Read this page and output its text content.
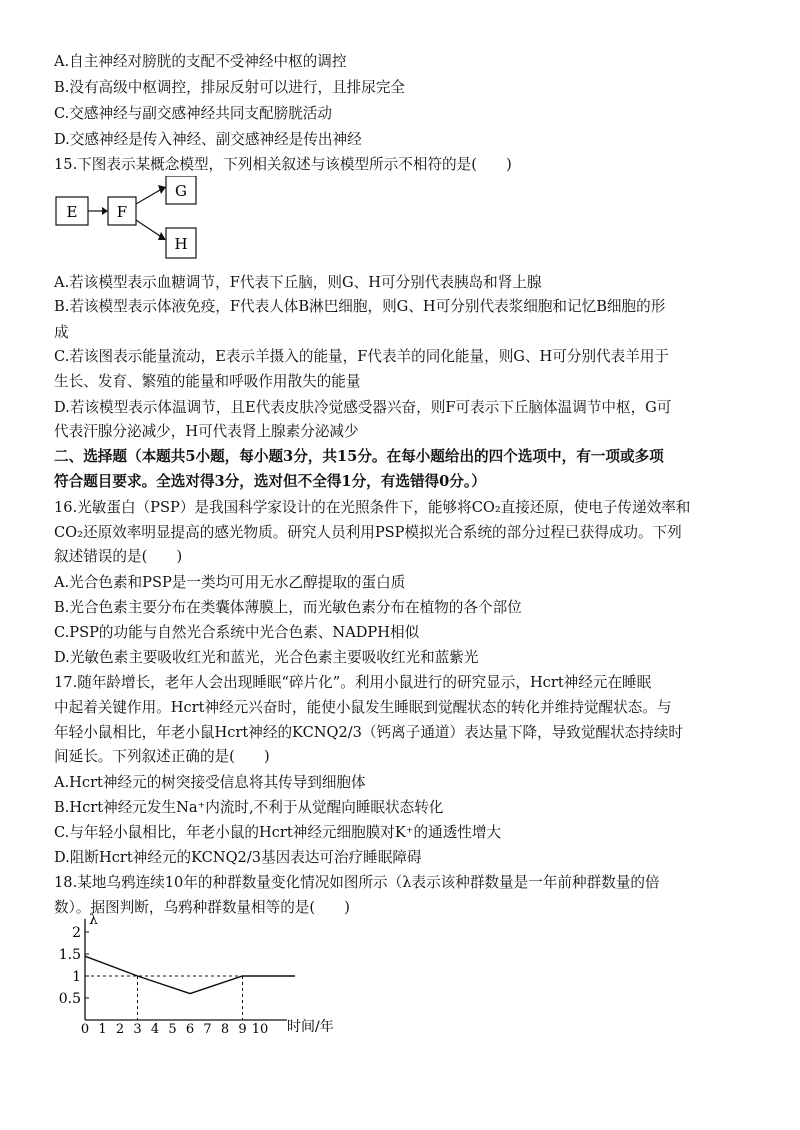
A.自主神经对膀胱的支配不受神经中枢的调控
B.没有高级中枢调控，排尿反射可以进行，且排尿完全
C.交感神经与副交感神经共同支配膀胱活动
D.交感神经是传入神经、副交感神经是传出神经
15.下图表示某概念模型，下列相关叙述与该模型所示不相符的是(　　)
E	F
G
H
A.若该模型表示血糖调节，F代表下丘脑，则G、H可分别代表胰岛和肾上腺
B.若该模型表示体液免疫，F代表人体B淋巴细胞，则G、H可分别代表浆细胞和记忆B细胞的形
成
C.若该图表示能量流动，E表示羊摄入的能量，F代表羊的同化能量，则G、H可分别代表羊用于
生长、发育、繁殖的能量和呼吸作用散失的能量
D.若该模型表示体温调节，且E代表皮肤冷觉感受器兴奋，则F可表示下丘脑体温调节中枢，G可
代表汗腺分泌减少，H可代表肾上腺素分泌减少
二、选择题（本题共5小题，每小题3分，共15分。在每小题给出的四个选项中，有一项或多项
符合题目要求。全选对得3分，选对但不全得1分，有选错得0分。）
16.光敏蛋白（PSP）是我国科学家设计的在光照条件下，能够将CO₂直接还原，使电子传递效率和
CO₂还原效率明显提高的感光物质。研究人员利用PSP模拟光合系统的部分过程已获得成功。下列
叙述错误的是(　　)
A.光合色素和PSP是一类均可用无水乙醇提取的蛋白质
B.光合色素主要分布在类囊体薄膜上，而光敏色素分布在植物的各个部位
C.PSP的功能与自然光合系统中光合色素、NADPH相似
D.光敏色素主要吸收红光和蓝光，光合色素主要吸收红光和蓝紫光
17.随年龄增长，老年人会出现睡眠“碎片化”。利用小鼠进行的研究显示，Hcrt神经元在睡眠
中起着关键作用。Hcrt神经元兴奋时，能使小鼠发生睡眠到觉醒状态的转化并维持觉醒状态。与
年轻小鼠相比，年老小鼠Hcrt神经的KCNQ2/3（钙离子通道）表达量下降，导致觉醒状态持续时
间延长。下列叙述正确的是(　　)
A.Hcrt神经元的树突接受信息将其传导到细胞体
B.Hcrt神经元发生Na⁺内流时,不利于从觉醒向睡眠状态转化
C.与年轻小鼠相比，年老小鼠的Hcrt神经元细胞膜对K⁺的通透性增大
D.阻断Hcrt神经元的KCNQ2/3基因表达可治疗睡眠障碍
18.某地乌鸦连续10年的种群数量变化情况如图所示（λ表示该种群数量是一年前种群数量的倍
数）。据图判断，乌鸦种群数量相等的是(　　)
0.5
1
1.5
2
0 1 2 3 4 5 6 7 8 9 10
λ
时间/年
